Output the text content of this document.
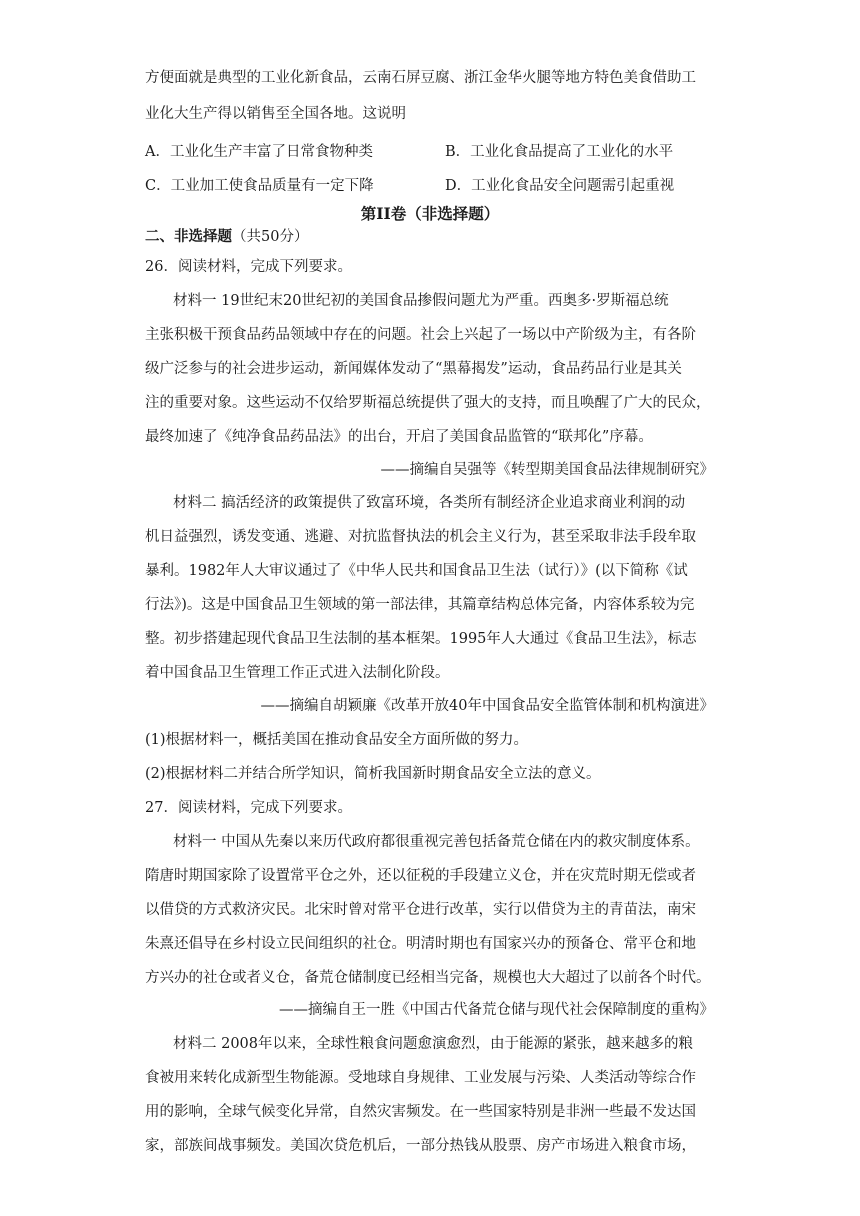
方便面就是典型的工业化新食品，云南石屏豆腐、浙江金华火腿等地方特色美食借助工
业化大生产得以销售至全国各地。这说明
A．工业化生产丰富了日常食物种类	B．工业化食品提高了工业化的水平
C．工业加工使食品质量有一定下降	D．工业化食品安全问题需引起重视
第II卷（非选择题）
二、非选择题（共50分）
26．阅读材料，完成下列要求。
材料一 19世纪末20世纪初的美国食品掺假问题尤为严重。西奥多·罗斯福总统
主张积极干预食品药品领域中存在的问题。社会上兴起了一场以中产阶级为主，有各阶
级广泛参与的社会进步运动，新闻媒体发动了“黑幕揭发”运动，食品药品行业是其关
注的重要对象。这些运动不仅给罗斯福总统提供了强大的支持，而且唤醒了广大的民众，
最终加速了《纯净食品药品法》的出台，开启了美国食品监管的“联邦化”序幕。
——摘编自吴强等《转型期美国食品法律规制研究》
材料二 搞活经济的政策提供了致富环境，各类所有制经济企业追求商业利润的动
机日益强烈，诱发变通、逃避、对抗监督执法的机会主义行为，甚至采取非法手段牟取
暴利。1982年人大审议通过了《中华人民共和国食品卫生法（试行）》(以下简称《试
行法》)。这是中国食品卫生领域的第一部法律，其篇章结构总体完备，内容体系较为完
整。初步搭建起现代食品卫生法制的基本框架。1995年人大通过《食品卫生法》，标志
着中国食品卫生管理工作正式进入法制化阶段。
——摘编自胡颖廉《改革开放40年中国食品安全监管体制和机构演进》
(1)根据材料一，概括美国在推动食品安全方面所做的努力。
(2)根据材料二并结合所学知识，简析我国新时期食品安全立法的意义。
27．阅读材料，完成下列要求。
材料一 中国从先秦以来历代政府都很重视完善包括备荒仓储在内的救灾制度体系。
隋唐时期国家除了设置常平仓之外，还以征税的手段建立义仓，并在灾荒时期无偿或者
以借贷的方式救济灾民。北宋时曾对常平仓进行改革，实行以借贷为主的青苗法，南宋
朱熹还倡导在乡村设立民间组织的社仓。明清时期也有国家兴办的预备仓、常平仓和地
方兴办的社仓或者义仓，备荒仓储制度已经相当完备，规模也大大超过了以前各个时代。
——摘编自王一胜《中国古代备荒仓储与现代社会保障制度的重构》
材料二 2008年以来，全球性粮食问题愈演愈烈，由于能源的紧张，越来越多的粮
食被用来转化成新型生物能源。受地球自身规律、工业发展与污染、人类活动等综合作
用的影响，全球气候变化异常，自然灾害频发。在一些国家特别是非洲一些最不发达国
家，部族间战事频发。美国次贷危机后，一部分热钱从股票、房产市场进入粮食市场，
